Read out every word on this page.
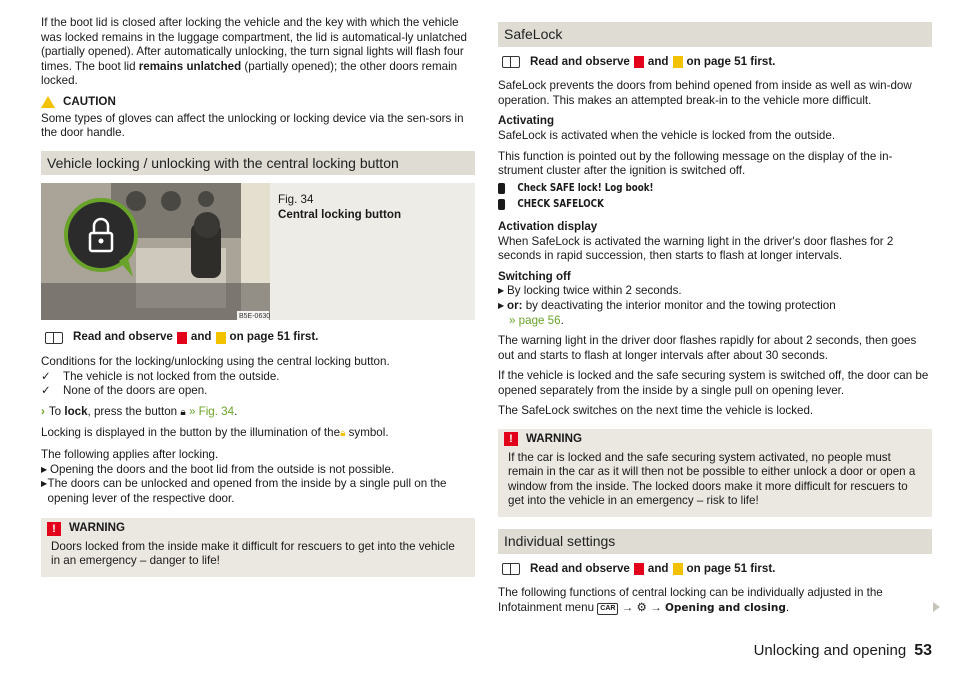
If the boot lid is closed after locking the vehicle and the key with which the vehicle was locked remains in the luggage compartment, the lid is automatical-ly unlatched (partially opened). After automatically unlocking, the turn signal lights will flash four times. The boot lid remains unlatched (partially opened); the other doors remain locked.

CAUTION

Some types of gloves can affect the unlocking or locking device via the sen-sors in the door handle.

Vehicle locking / unlocking with the central locking button
B5E-0630
Fig. 34
Central locking button
Read and observe and on page 51 first.

Conditions for the locking/unlocking using the central locking button.

✓	The vehicle is not locked from the outside.
✓	None of the doors are open.

› To lock, press the button 🔒︎ » Fig. 34.

Locking is displayed in the button by the illumination of the🔒︎ symbol.

The following applies after locking.

▶ Opening the doors and the boot lid from the outside is not possible.
▶ The doors can be unlocked and opened from the inside by a single pull on the opening lever of the respective door.
!	WARNING
Doors locked from the inside make it difficult for rescuers to get into the vehicle in an emergency – danger to life!
SafeLock
Read and observe and on page 51 first.

SafeLock prevents the doors from behind opened from inside as well as win-dow operation. This makes an attempted break-in to the vehicle more difficult.

Activating

SafeLock is activated when the vehicle is locked from the outside.

This function is pointed out by the following message on the display of the in-strument cluster after the ignition is switched off.

Check SAFE lock! Log book!
CHECK SAFELOCK

Activation display

When SafeLock is activated the warning light in the driver's door flashes for 2 seconds in rapid succession, then starts to flash at longer intervals.

Switching off

▶ By locking twice within 2 seconds.
▶ or: by deactivating the interior monitor and the towing protection
» page 56.

The warning light in the driver door flashes rapidly for about 2 seconds, then goes out and starts to flash at longer intervals after about 30 seconds.

If the vehicle is locked and the safe securing system is switched off, the door can be opened separately from the inside by a single pull on opening lever.

The SafeLock switches on the next time the vehicle is locked.

!	WARNING
If the car is locked and the safe securing system activated, no people must remain in the car as it will then not be possible to either unlock a door or open a window from the inside. The locked doors make it more difficult for rescuers to get into the vehicle in an emergency – risk to life!
Individual settings
Read and observe and on page 51 first.

The following functions of central locking can be individually adjusted in the Infotainment menu CAR → ⚙ → Opening and closing.

Unlocking and opening 53
